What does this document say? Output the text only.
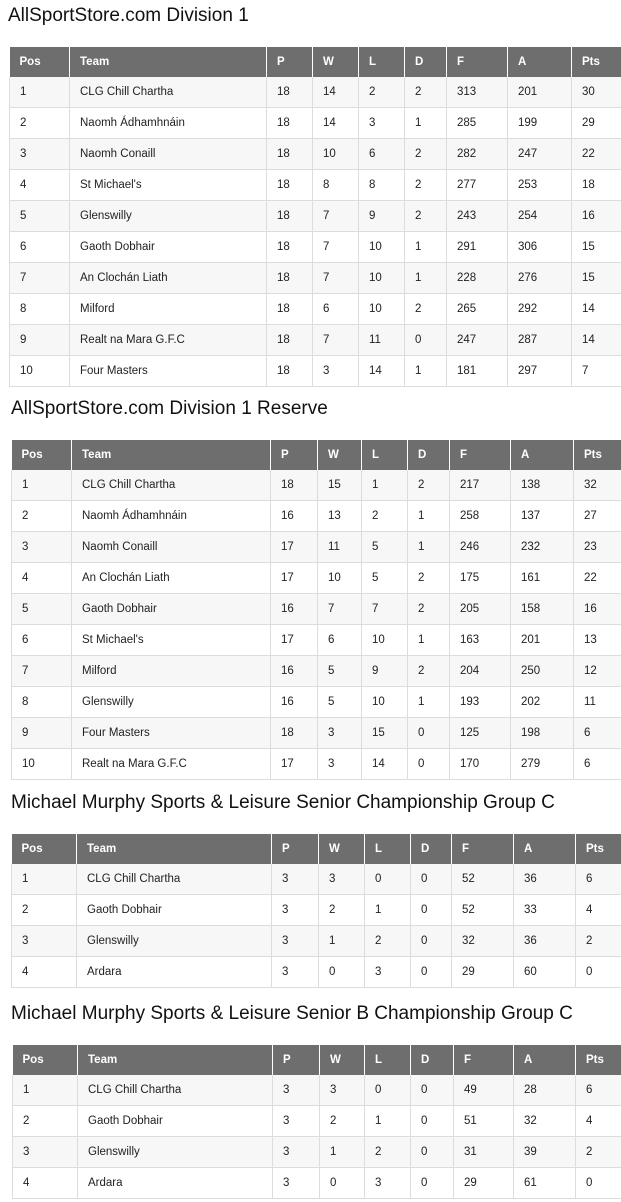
AllSportStore.com Division 1
Pos	Team	P	W	L	D	F	A	Pts
1	CLG Chill Chartha	18	14	2	2	313	201	30
2	Naomh Ádhamhnáin	18	14	3	1	285	199	29
3	Naomh Conaill	18	10	6	2	282	247	22
4	St Michael's	18	8	8	2	277	253	18
5	Glenswilly	18	7	9	2	243	254	16
6	Gaoth Dobhair	18	7	10	1	291	306	15
7	An Clochán Liath	18	7	10	1	228	276	15
8	Milford	18	6	10	2	265	292	14
9	Realt na Mara G.F.C	18	7	11	0	247	287	14
10	Four Masters	18	3	14	1	181	297	7
AllSportStore.com Division 1 Reserve
Pos	Team	P	W	L	D	F	A	Pts
1	CLG Chill Chartha	18	15	1	2	217	138	32
2	Naomh Ádhamhnáin	16	13	2	1	258	137	27
3	Naomh Conaill	17	11	5	1	246	232	23
4	An Clochán Liath	17	10	5	2	175	161	22
5	Gaoth Dobhair	16	7	7	2	205	158	16
6	St Michael's	17	6	10	1	163	201	13
7	Milford	16	5	9	2	204	250	12
8	Glenswilly	16	5	10	1	193	202	11
9	Four Masters	18	3	15	0	125	198	6
10	Realt na Mara G.F.C	17	3	14	0	170	279	6
Michael Murphy Sports & Leisure Senior Championship Group C
Pos	Team	P	W	L	D	F	A	Pts
1	CLG Chill Chartha	3	3	0	0	52	36	6
2	Gaoth Dobhair	3	2	1	0	52	33	4
3	Glenswilly	3	1	2	0	32	36	2
4	Ardara	3	0	3	0	29	60	0
Michael Murphy Sports & Leisure Senior B Championship Group C
Pos	Team	P	W	L	D	F	A	Pts
1	CLG Chill Chartha	3	3	0	0	49	28	6
2	Gaoth Dobhair	3	2	1	0	51	32	4
3	Glenswilly	3	1	2	0	31	39	2
4	Ardara	3	0	3	0	29	61	0
